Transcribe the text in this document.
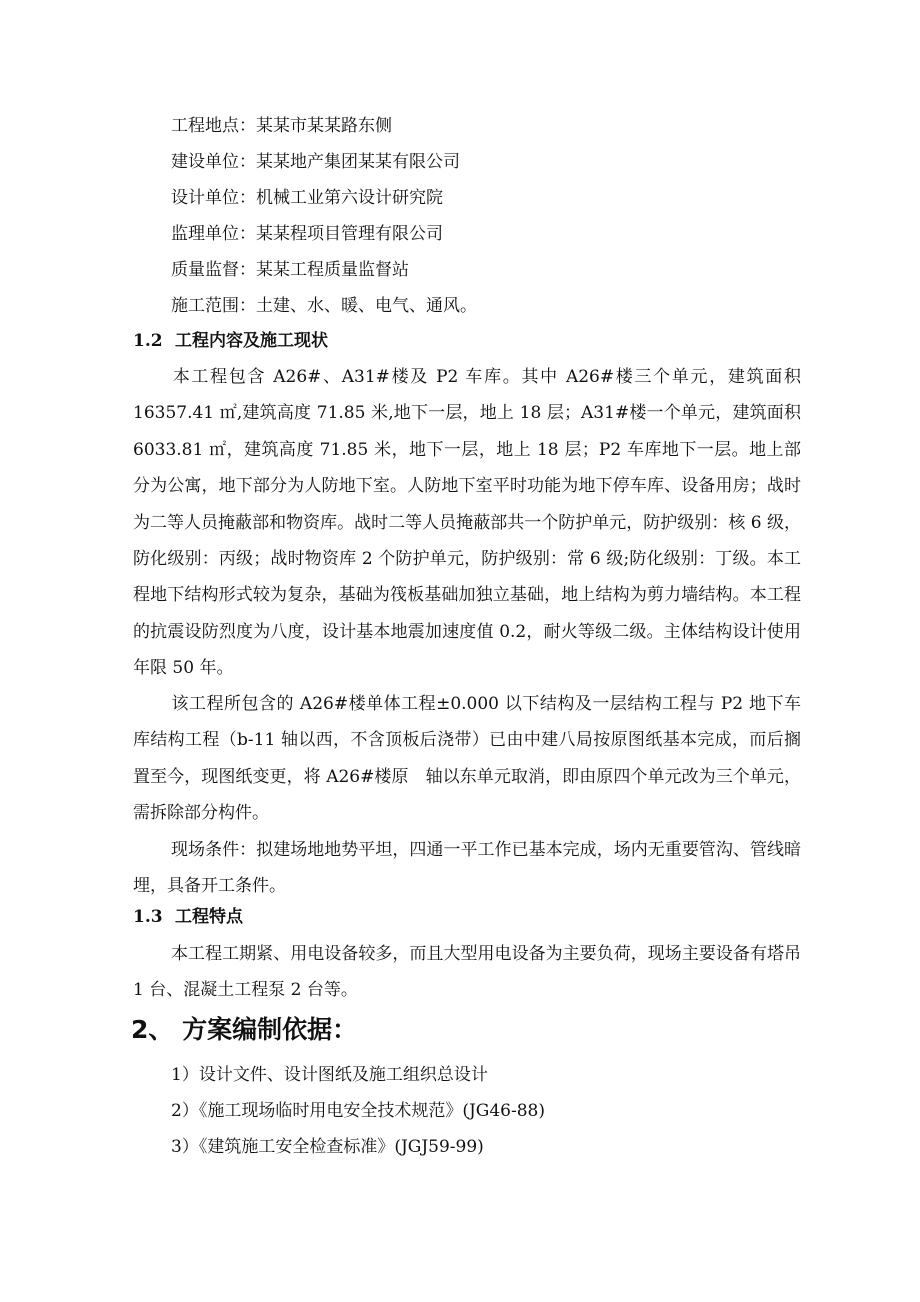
工程地点：某某市某某路东侧
建设单位：某某地产集团某某有限公司
设计单位：机械工业第六设计研究院
监理单位：某某程项目管理有限公司
质量监督：某某工程质量监督站
施工范围：土建、水、暖、电气、通风。
1.2 工程内容及施工现状
本工程包含 A26#、A31#楼及 P2 车库。其中 A26#楼三个单元，建筑面积16357.41 ㎡,建筑高度 71.85 米,地下一层，地上 18 层；A31#楼一个单元，建筑面积 6033.81 ㎡，建筑高度 71.85 米，地下一层，地上 18 层；P2 车库地下一层。地上部分为公寓，地下部分为人防地下室。人防地下室平时功能为地下停车库、设备用房；战时为二等人员掩蔽部和物资库。战时二等人员掩蔽部共一个防护单元，防护级别：核 6 级，防化级别：丙级；战时物资库 2 个防护单元，防护级别：常 6 级;防化级别：丁级。本工程地下结构形式较为复杂，基础为筏板基础加独立基础，地上结构为剪力墙结构。本工程的抗震设防烈度为八度，设计基本地震加速度值 0.2，耐火等级二级。主体结构设计使用年限 50 年。
该工程所包含的 A26#楼单体工程±0.000 以下结构及一层结构工程与 P2 地下车库结构工程（b-11 轴以西，不含顶板后浇带）已由中建八局按原图纸基本完成，而后搁置至今，现图纸变更，将 A26#楼原　轴以东单元取消，即由原四个单元改为三个单元，需拆除部分构件。
现场条件：拟建场地地势平坦，四通一平工作已基本完成，场内无重要管沟、管线暗埋，具备开工条件。
1.3 工程特点
本工程工期紧、用电设备较多，而且大型用电设备为主要负荷，现场主要设备有塔吊 1 台、混凝土工程泵 2 台等。
2、 方案编制依据：
1）设计文件、设计图纸及施工组织总设计
2）《施工现场临时用电安全技术规范》(JG46-88)
3）《建筑施工安全检查标准》(JGJ59-99)
